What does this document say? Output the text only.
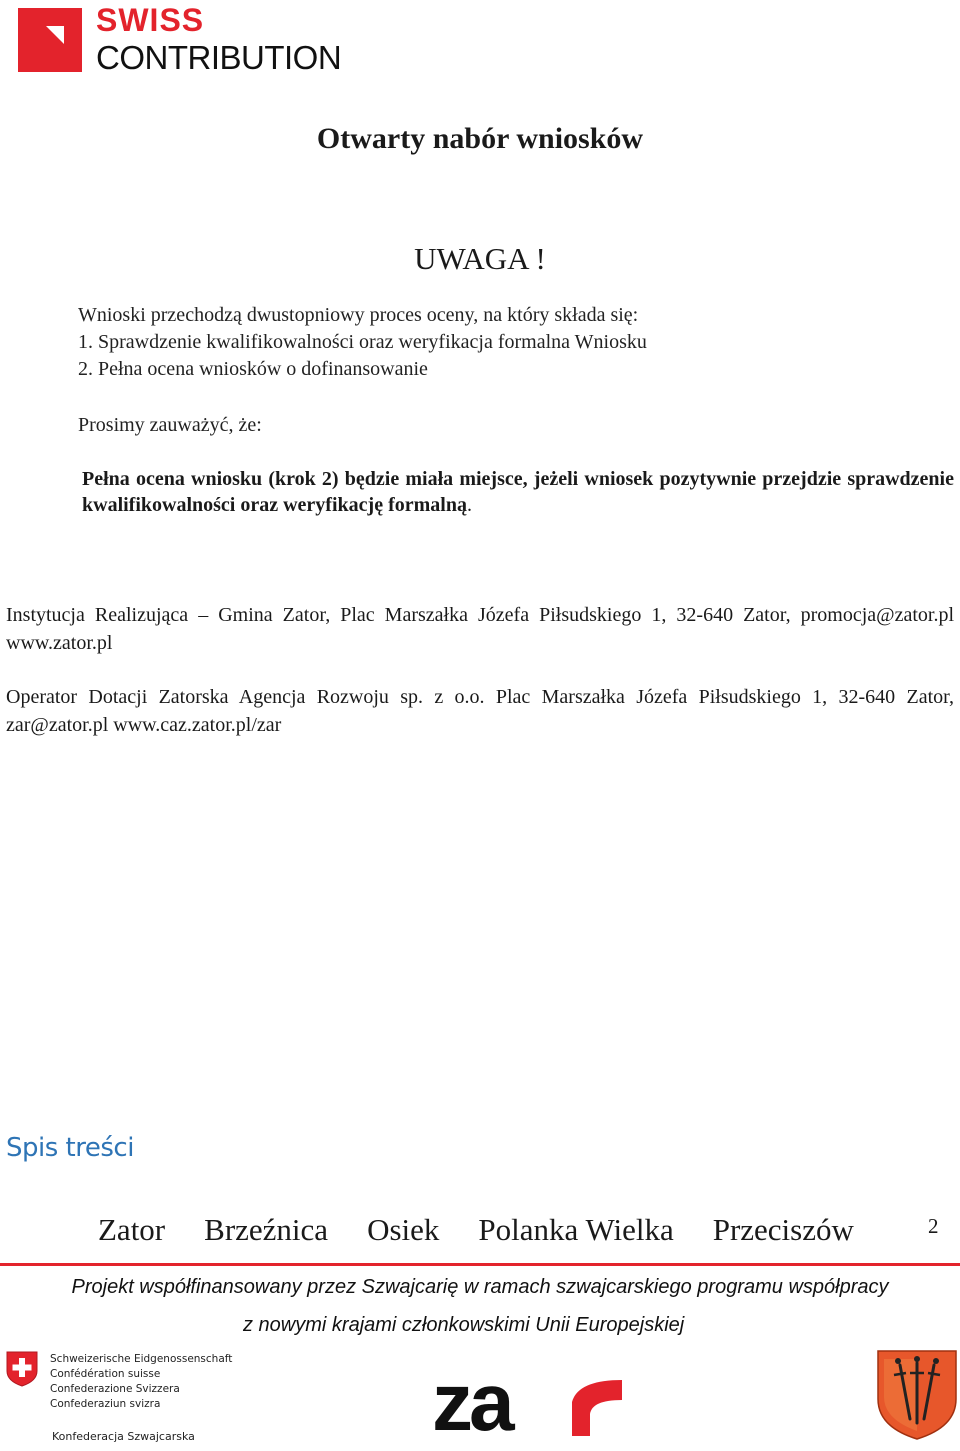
SWISS
CONTRIBUTION
Otwarty nabór wniosków
UWAGA !
Wnioski przechodzą dwustopniowy proces oceny, na który składa się:
1. Sprawdzenie kwalifikowalności oraz weryfikacja formalna Wniosku
2. Pełna ocena wniosków o dofinansowanie
Prosimy zauważyć, że:
Pełna ocena wniosku (krok 2) będzie miała miejsce, jeżeli wniosek pozytywnie przejdzie sprawdzenie kwalifikowalności oraz weryfikację formalną.
Instytucja Realizująca – Gmina Zator, Plac Marszałka Józefa Piłsudskiego 1, 32-640 Zator, promocja@zator.pl www.zator.pl
Operator Dotacji Zatorska Agencja Rozwoju sp. z o.o. Plac Marszałka Józefa Piłsudskiego 1, 32-640 Zator, zar@zator.pl www.caz.zator.pl/zar
Spis treści
Zator Brzeźnica Osiek Polanka Wielka Przeciszów	2
Projekt współfinansowany przez Szwajcarię w ramach szwajcarskiego programu współpracy
z nowymi krajami członkowskimi Unii Europejskiej
Schweizerische Eidgenossenschaft
Confédération suisse
Confederazione Svizzera
Confederaziun svizra
Konfederacja Szwajcarska	za
